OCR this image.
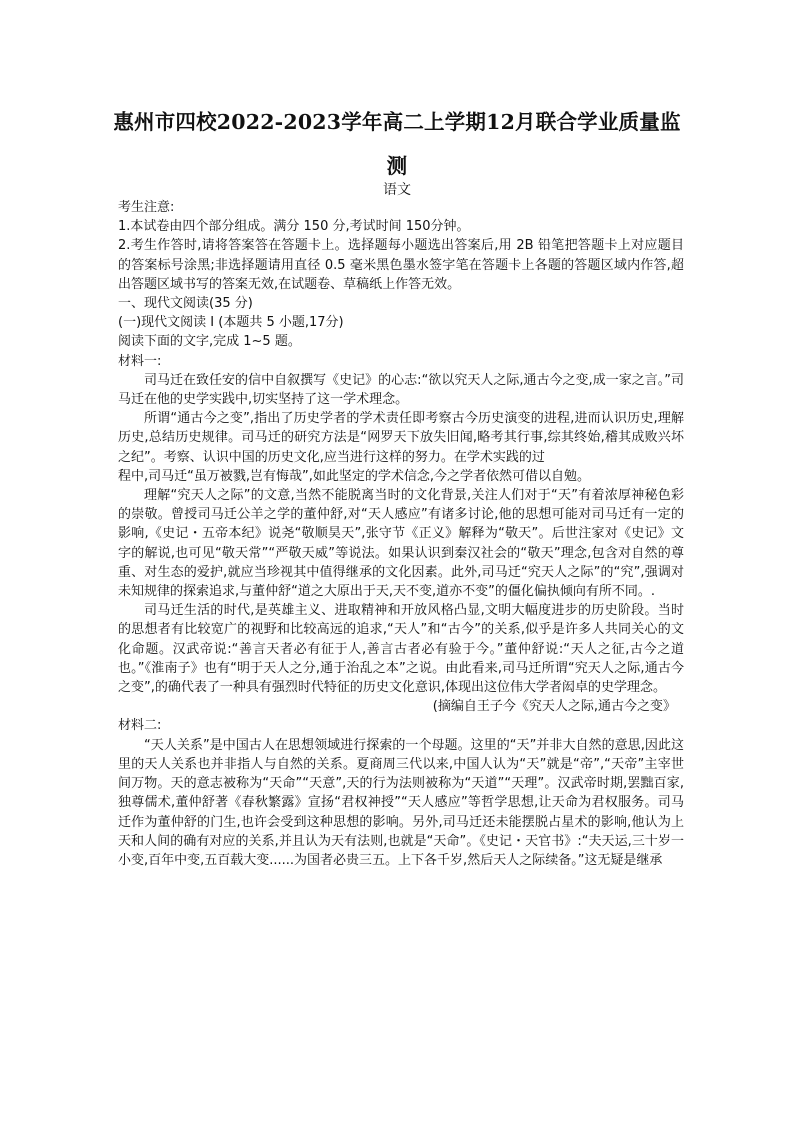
惠州市四校2022-2023学年高二上学期12月联合学业质量监测
语文

考生注意:

1.本试卷由四个部分组成。满分 150 分,考试时间 150分钟。

2.考生作答时,请将答案答在答题卡上。选择题每小题选出答案后,用 2B 铅笔把答题卡上对应题目的答案标号涂黑;非选择题请用直径 0.5 毫米黑色墨水签字笔在答题卡上各题的答题区域内作答,超出答题区域书写的答案无效,在试题卷、草稿纸上作答无效。

一、现代文阅读(35 分)

(一)现代文阅读 I (本题共 5 小题,17分)

阅读下面的文字,完成 1~5 题。

材料一:

司马迁在致任安的信中自叙撰写《史记》的心志:“欲以究天人之际,通古今之变,成一家之言。”司马迁在他的史学实践中,切实坚持了这一学术理念。

所谓“通古今之变”,指出了历史学者的学术责任即考察古今历史演变的进程,进而认识历史,理解历史,总结历史规律。司马迁的研究方法是“网罗天下放失旧闻,略考其行事,综其终始,稽其成败兴坏之纪”。考察、认识中国的历史文化,应当进行这样的努力。在学术实践的过

程中,司马迁“虽万被戮,岂有悔哉”,如此坚定的学术信念,今之学者依然可借以自勉。

理解“究天人之际”的文意,当然不能脱离当时的文化背景,关注人们对于“天”有着浓厚神秘色彩的崇敬。曾授司马迁公羊之学的董仲舒,对“天人感应”有诸多讨论,他的思想可能对司马迁有一定的影响,《史记・五帝本纪》说尧“敬顺昊天”,张守节《正义》解释为“敬天”。后世注家对《史记》文字的解说,也可见“敬天常”“严敬天威”等说法。如果认识到秦汉社会的“敬天”理念,包含对自然的尊重、对生态的爱护,就应当珍视其中值得继承的文化因素。此外,司马迁“究天人之际”的“究”,强调对未知规律的探索追求,与董仲舒“道之大原出于天,天不变,道亦不变”的僵化偏执倾向有所不同。.

司马迁生活的时代,是英雄主义、进取精神和开放风格凸显,文明大幅度进步的历史阶段。当时的思想者有比较宽广的视野和比较高远的追求,“天人”和“古今”的关系,似乎是许多人共同关心的文化命题。汉武帝说:“善言天者必有征于人,善言古者必有验于今。”董仲舒说:“天人之征,古今之道也。”《淮南子》也有“明于天人之分,通于治乱之本”之说。由此看来,司马迁所谓“究天人之际,通古今之变”,的确代表了一种具有强烈时代特征的历史文化意识,体现出这位伟大学者闳卓的史学理念。

(摘编自王子今《究天人之际,通古今之变》

材料二:

“天人关系”是中国古人在思想领域进行探索的一个母题。这里的“天”并非大自然的意思,因此这里的天人关系也并非指人与自然的关系。夏商周三代以来,中国人认为“天”就是“帝”,“天帝”主宰世间万物。天的意志被称为“天命”“天意”,天的行为法则被称为“天道”“天理”。汉武帝时期,罢黜百家,独尊儒术,董仲舒著《春秋繁露》宣扬“君权神授”“天人感应”等哲学思想,让天命为君权服务。司马迁作为董仲舒的门生,也许会受到这种思想的影响。另外,司马迁还未能摆脱占星术的影响,他认为上天和人间的确有对应的关系,并且认为天有法则,也就是“天命”。《史记・天官书》:“夫天运,三十岁一小变,百年中变,五百载大变......为国者必贵三五。上下各千岁,然后天人之际续备。”这无疑是继承
